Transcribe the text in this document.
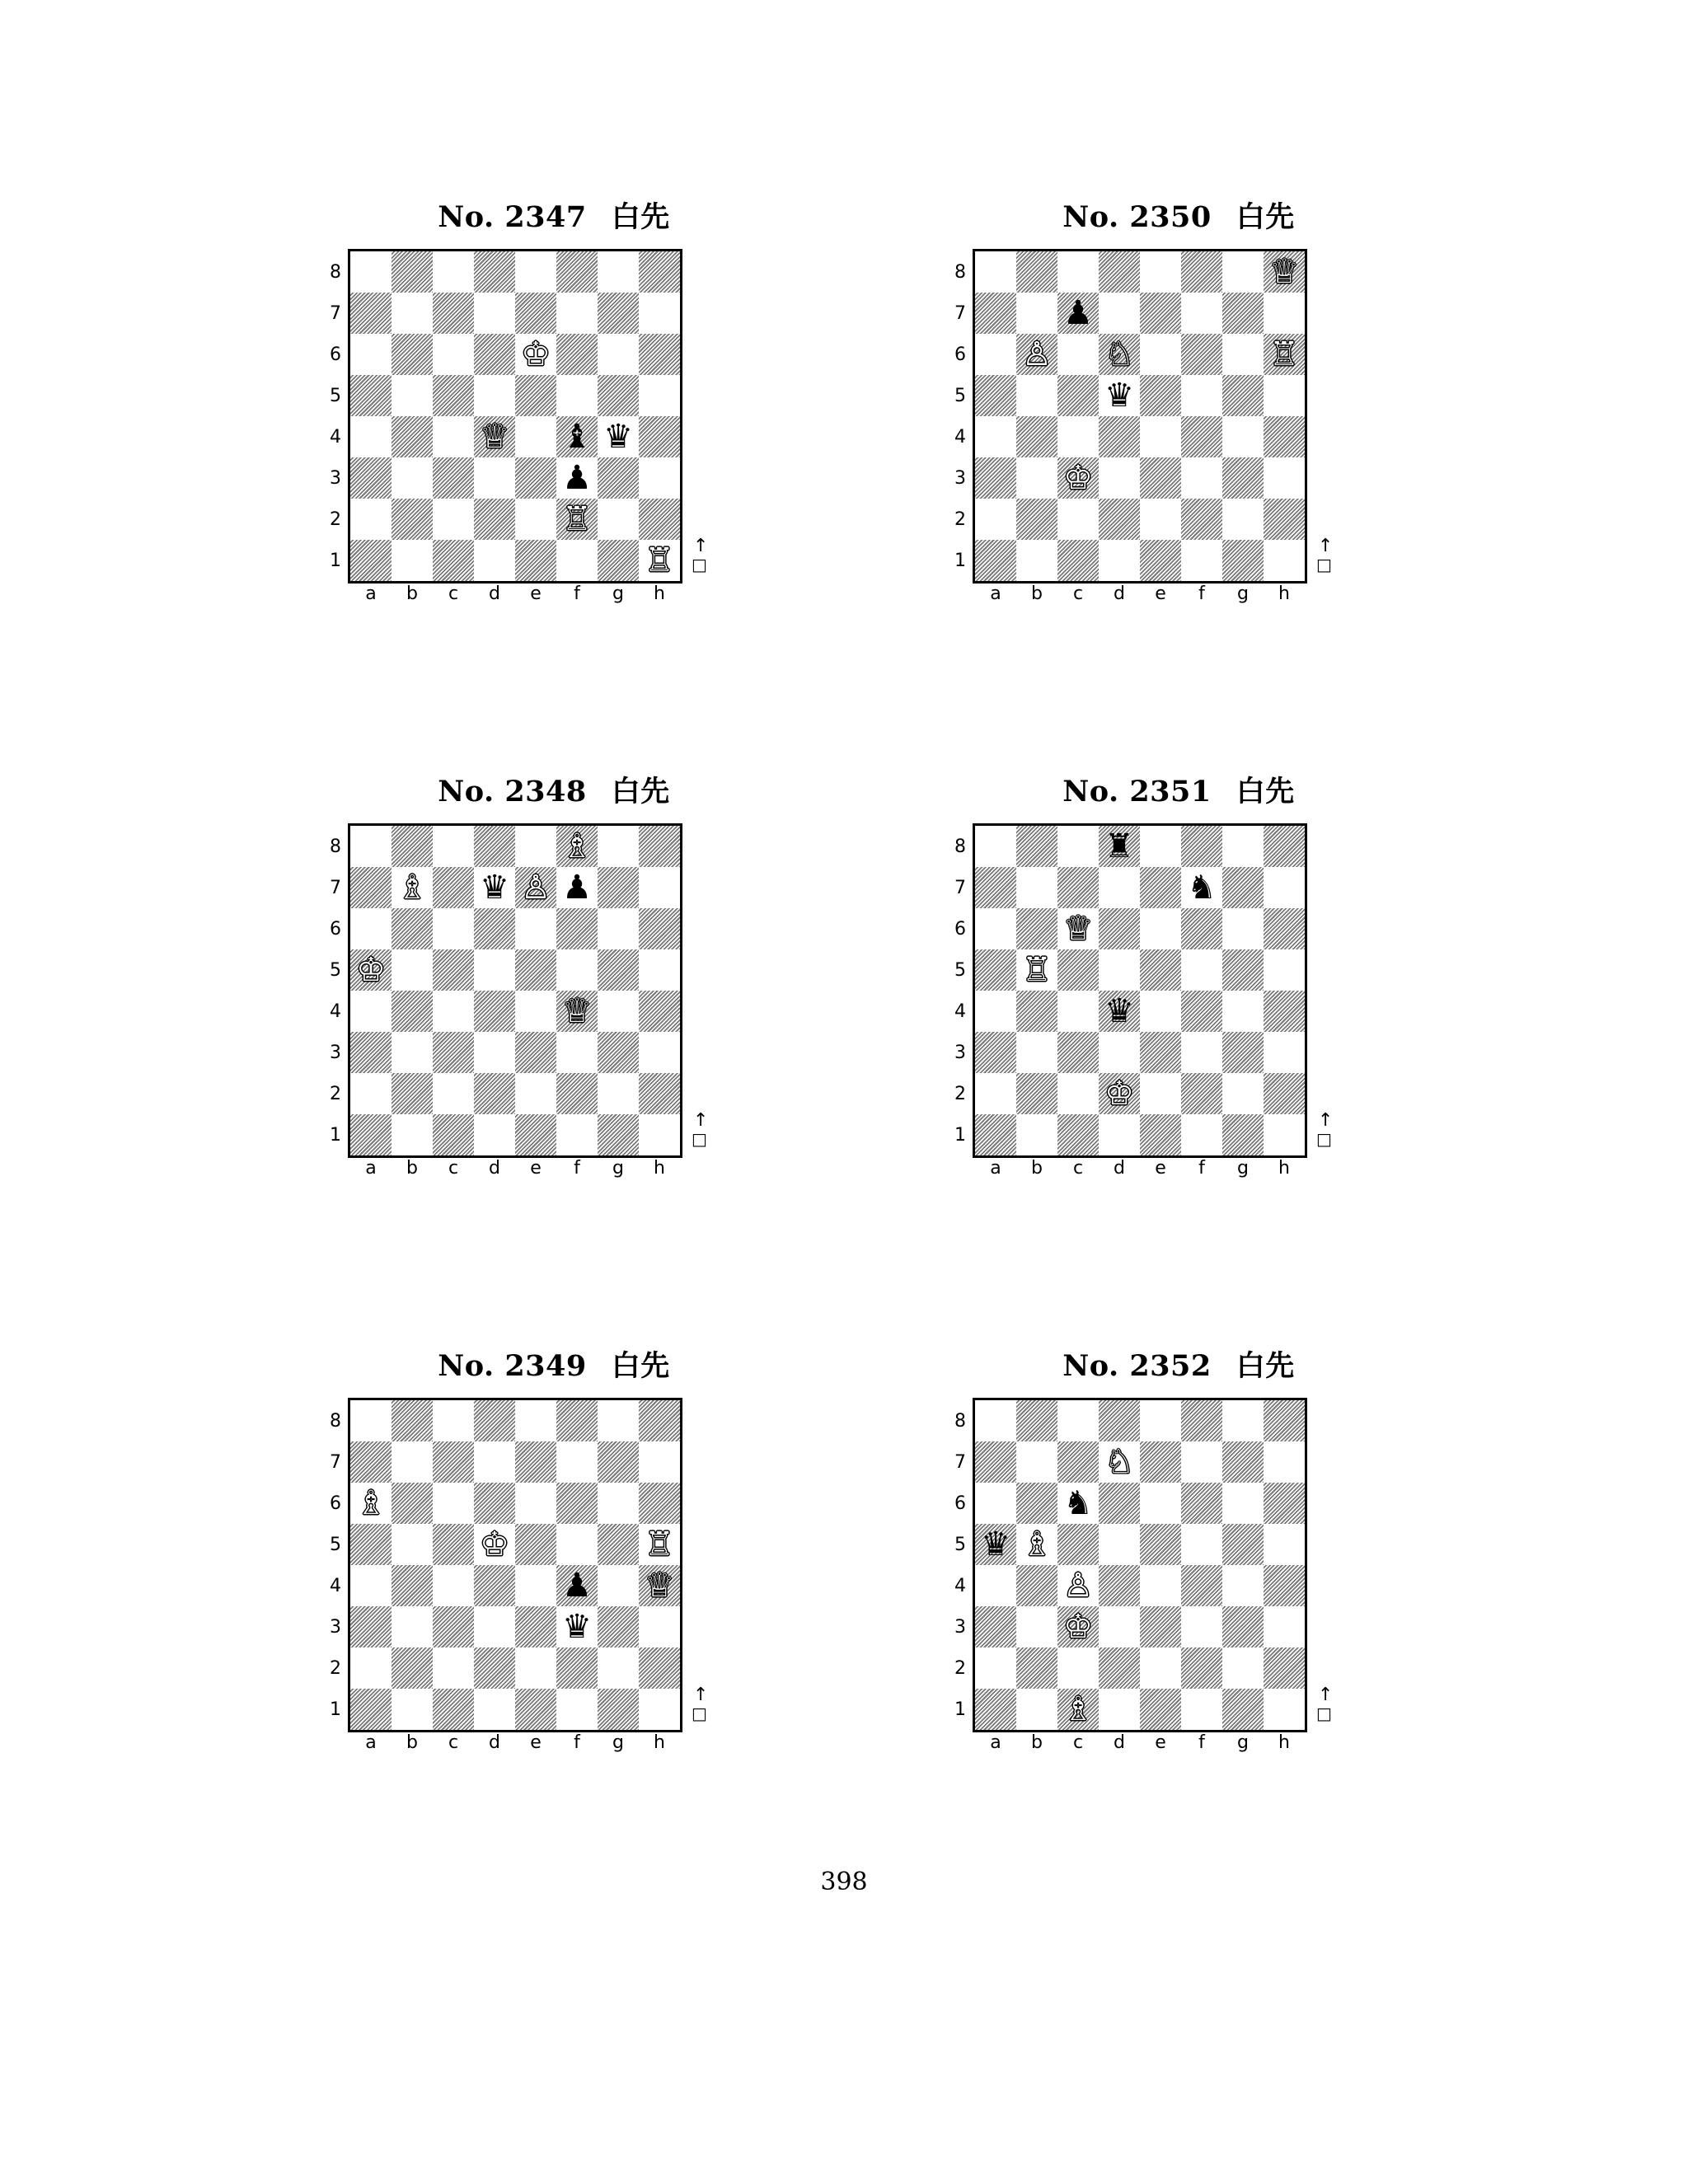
No. 2347 白先
♔
♕ ♝ ♛
♟
♖
♖
8
7
6
5
4
3
2
1
a	b	c	d	e	f	g	h
↑
□
No. 2350 白先
♕
♟
♙ ♘	♖
♛
♔
8
7
6
5
4
3
2
1
a	b	c	d	e	f	g	h
↑
□
No. 2348 白先
♗
♗ ♛ ♙ ♟
♔
♕
8
7
6
5
4
3
2
1
a	b	c	d	e	f	g	h
↑
□
No. 2351 白先
♜
♞
♕
♖
♛
♔
8
7
6
5
4
3
2
1
a	b	c	d	e	f	g	h
↑
□
No. 2349 白先
♗
♔	♖
♟ ♕
♛
8
7
6
5
4
3
2
1
a	b	c	d	e	f	g	h
↑
□
No. 2352 白先
♘
♞
♛ ♗
♙
♔
♗
8
7
6
5
4
3
2
1
a	b	c	d	e	f	g	h
↑
□
398
